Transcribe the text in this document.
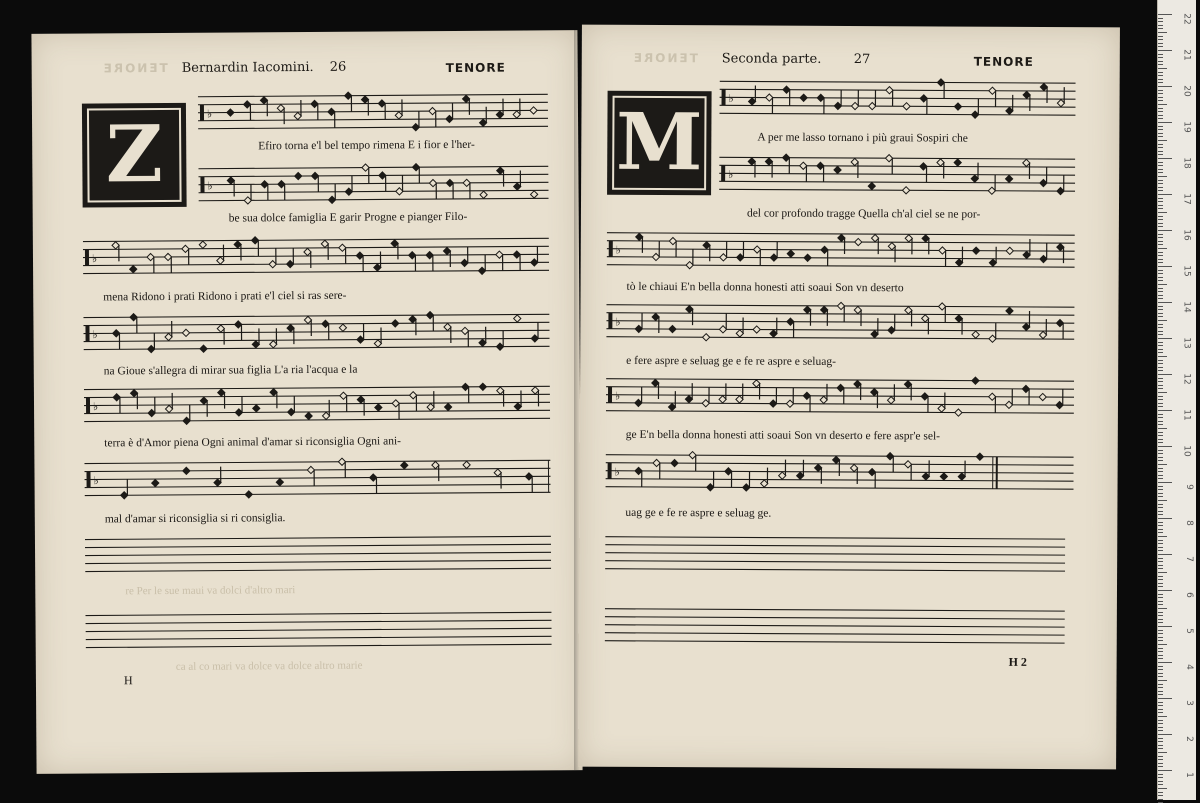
TENORE Bernardin Iacomini. 26	TENORE
Z	♭
Efiro torna e'l bel tempo rimena E i fior e l'her-
♭
be sua dolce famiglia E garir Progne e pianger Filo-
♭
mena Ridono i prati Ridono i prati e'l ciel si ras sere-
♭
na Gioue s'allegra di mirar sua figlia L'a ria l'acqua e la
♭
terra è d'Amor piena Ogni animal d'amar si riconsiglia Ogni ani-
♭
mal d'amar si riconsiglia si ri consiglia.
re Per le sue maui va dolci d'altro mari
ca al co mari va dolce va dolce altro marie
H
TENORE Seconda parte. 27	TENORE
M ♭
A per me lasso tornano i più graui Sospiri che
♭
del cor profondo tragge Quella ch'al ciel se ne por-
♭
tò le chiaui E'n bella donna honesti atti soaui Son vn deserto
♭
e fere aspre e seluag ge e fe re aspre e seluag-
♭
ge E'n bella donna honesti atti soaui Son vn deserto e fere aspr'e sel-
♭
uag ge e fe re aspre e seluag ge.
H 2
22
21
20
19
18
17
16
15
14
13
12
11
10
9
8
7
6
5
4
3
2
1
